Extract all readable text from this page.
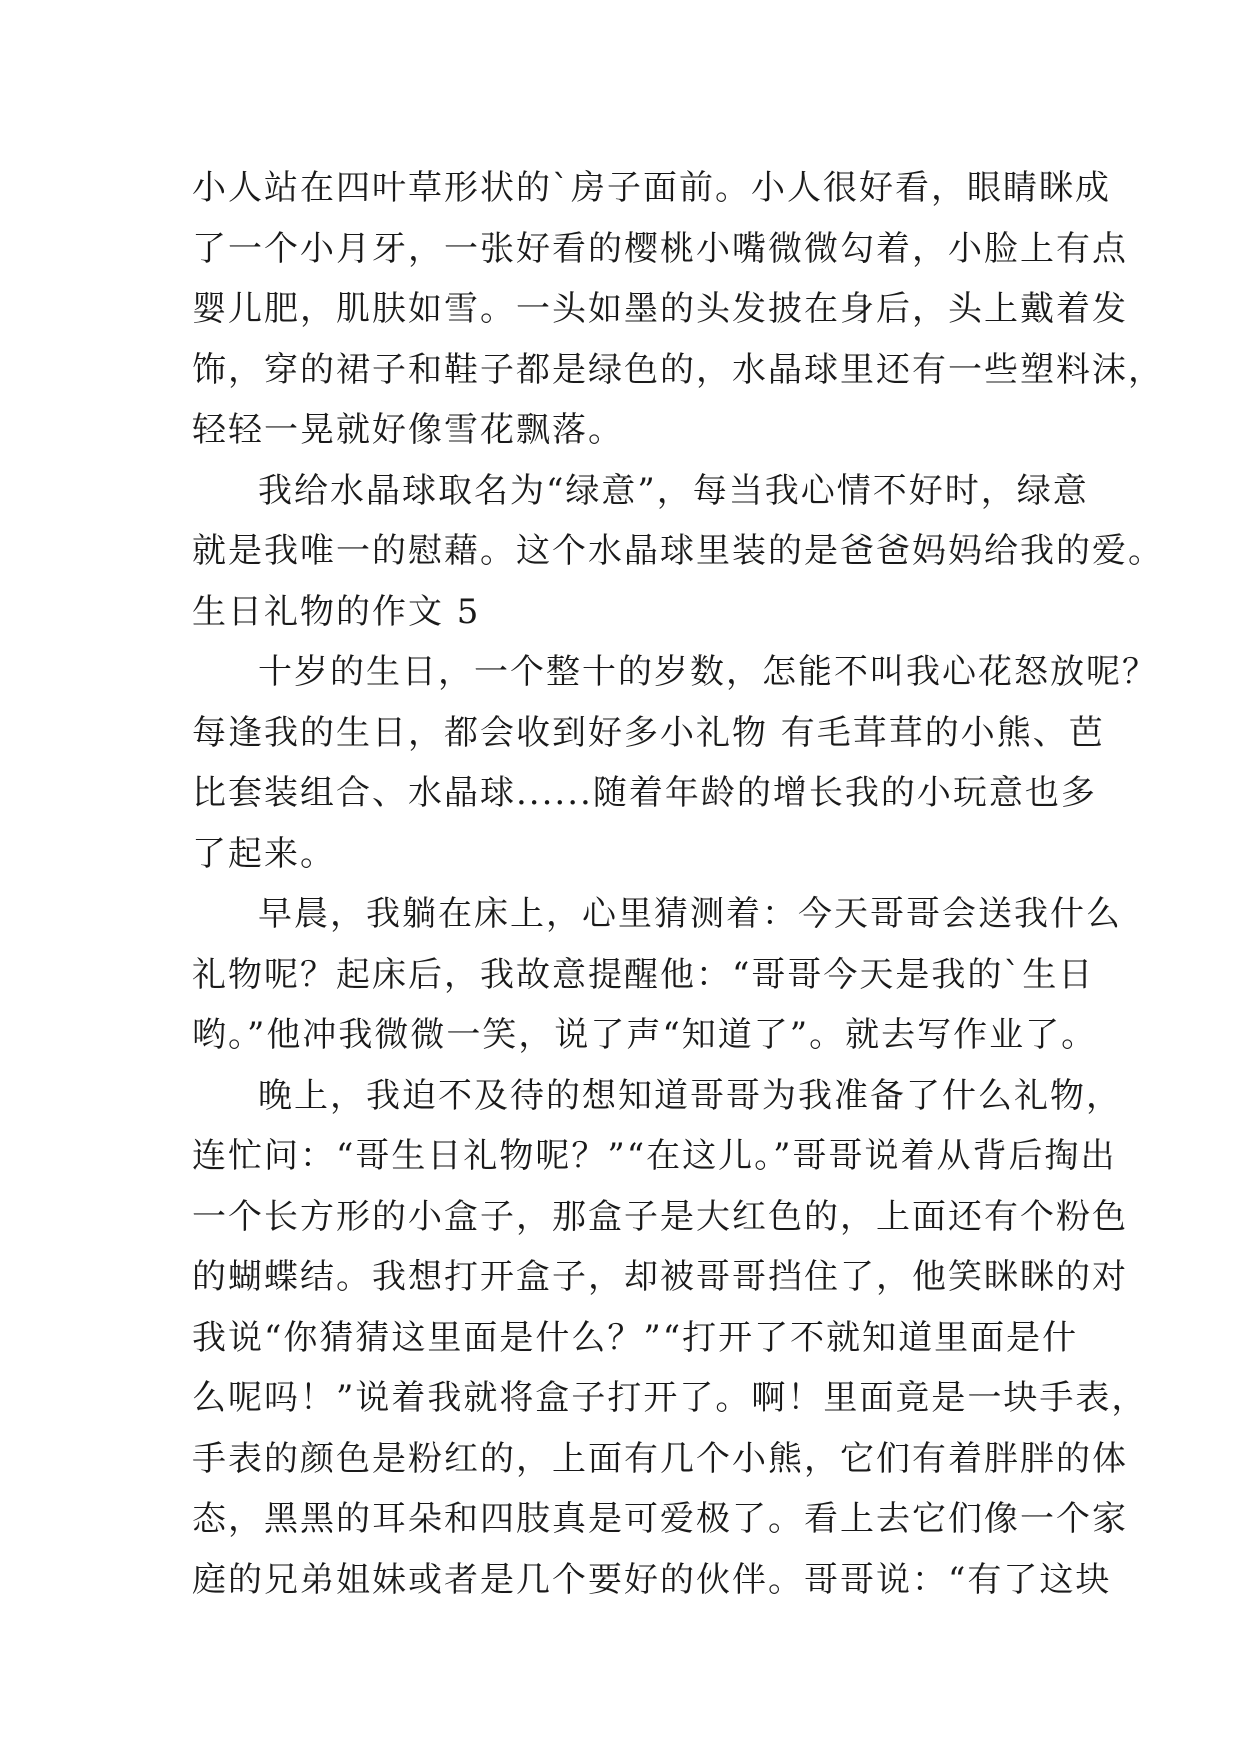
小人站在四叶草形状的`房子面前。小人很好看，眼睛眯成
了一个小月牙，一张好看的樱桃小嘴微微勾着，小脸上有点
婴儿肥，肌肤如雪。一头如墨的头发披在身后，头上戴着发
饰，穿的裙子和鞋子都是绿色的，水晶球里还有一些塑料沫，
轻轻一晃就好像雪花飘落。
我给水晶球取名为“绿意”，每当我心情不好时，绿意
就是我唯一的慰藉。这个水晶球里装的是爸爸妈妈给我的爱。
生日礼物的作文 5
十岁的生日，一个整十的岁数，怎能不叫我心花怒放呢？
每逢我的生日，都会收到好多小礼物 有毛茸茸的小熊、芭
比套装组合、水晶球......随着年龄的增长我的小玩意也多
了起来。
早晨，我躺在床上，心里猜测着：今天哥哥会送我什么
礼物呢？起床后，我故意提醒他：“哥哥今天是我的`生日
哟。”他冲我微微一笑，说了声“知道了”。就去写作业了。
晚上，我迫不及待的想知道哥哥为我准备了什么礼物，
连忙问：“哥生日礼物呢？”“在这儿。”哥哥说着从背后掏出
一个长方形的小盒子，那盒子是大红色的，上面还有个粉色
的蝴蝶结。我想打开盒子，却被哥哥挡住了，他笑眯眯的对
我说“你猜猜这里面是什么？”“打开了不就知道里面是什
么呢吗！”说着我就将盒子打开了。啊！里面竟是一块手表，
手表的颜色是粉红的，上面有几个小熊，它们有着胖胖的体
态，黑黑的耳朵和四肢真是可爱极了。看上去它们像一个家
庭的兄弟姐妹或者是几个要好的伙伴。哥哥说：“有了这块
